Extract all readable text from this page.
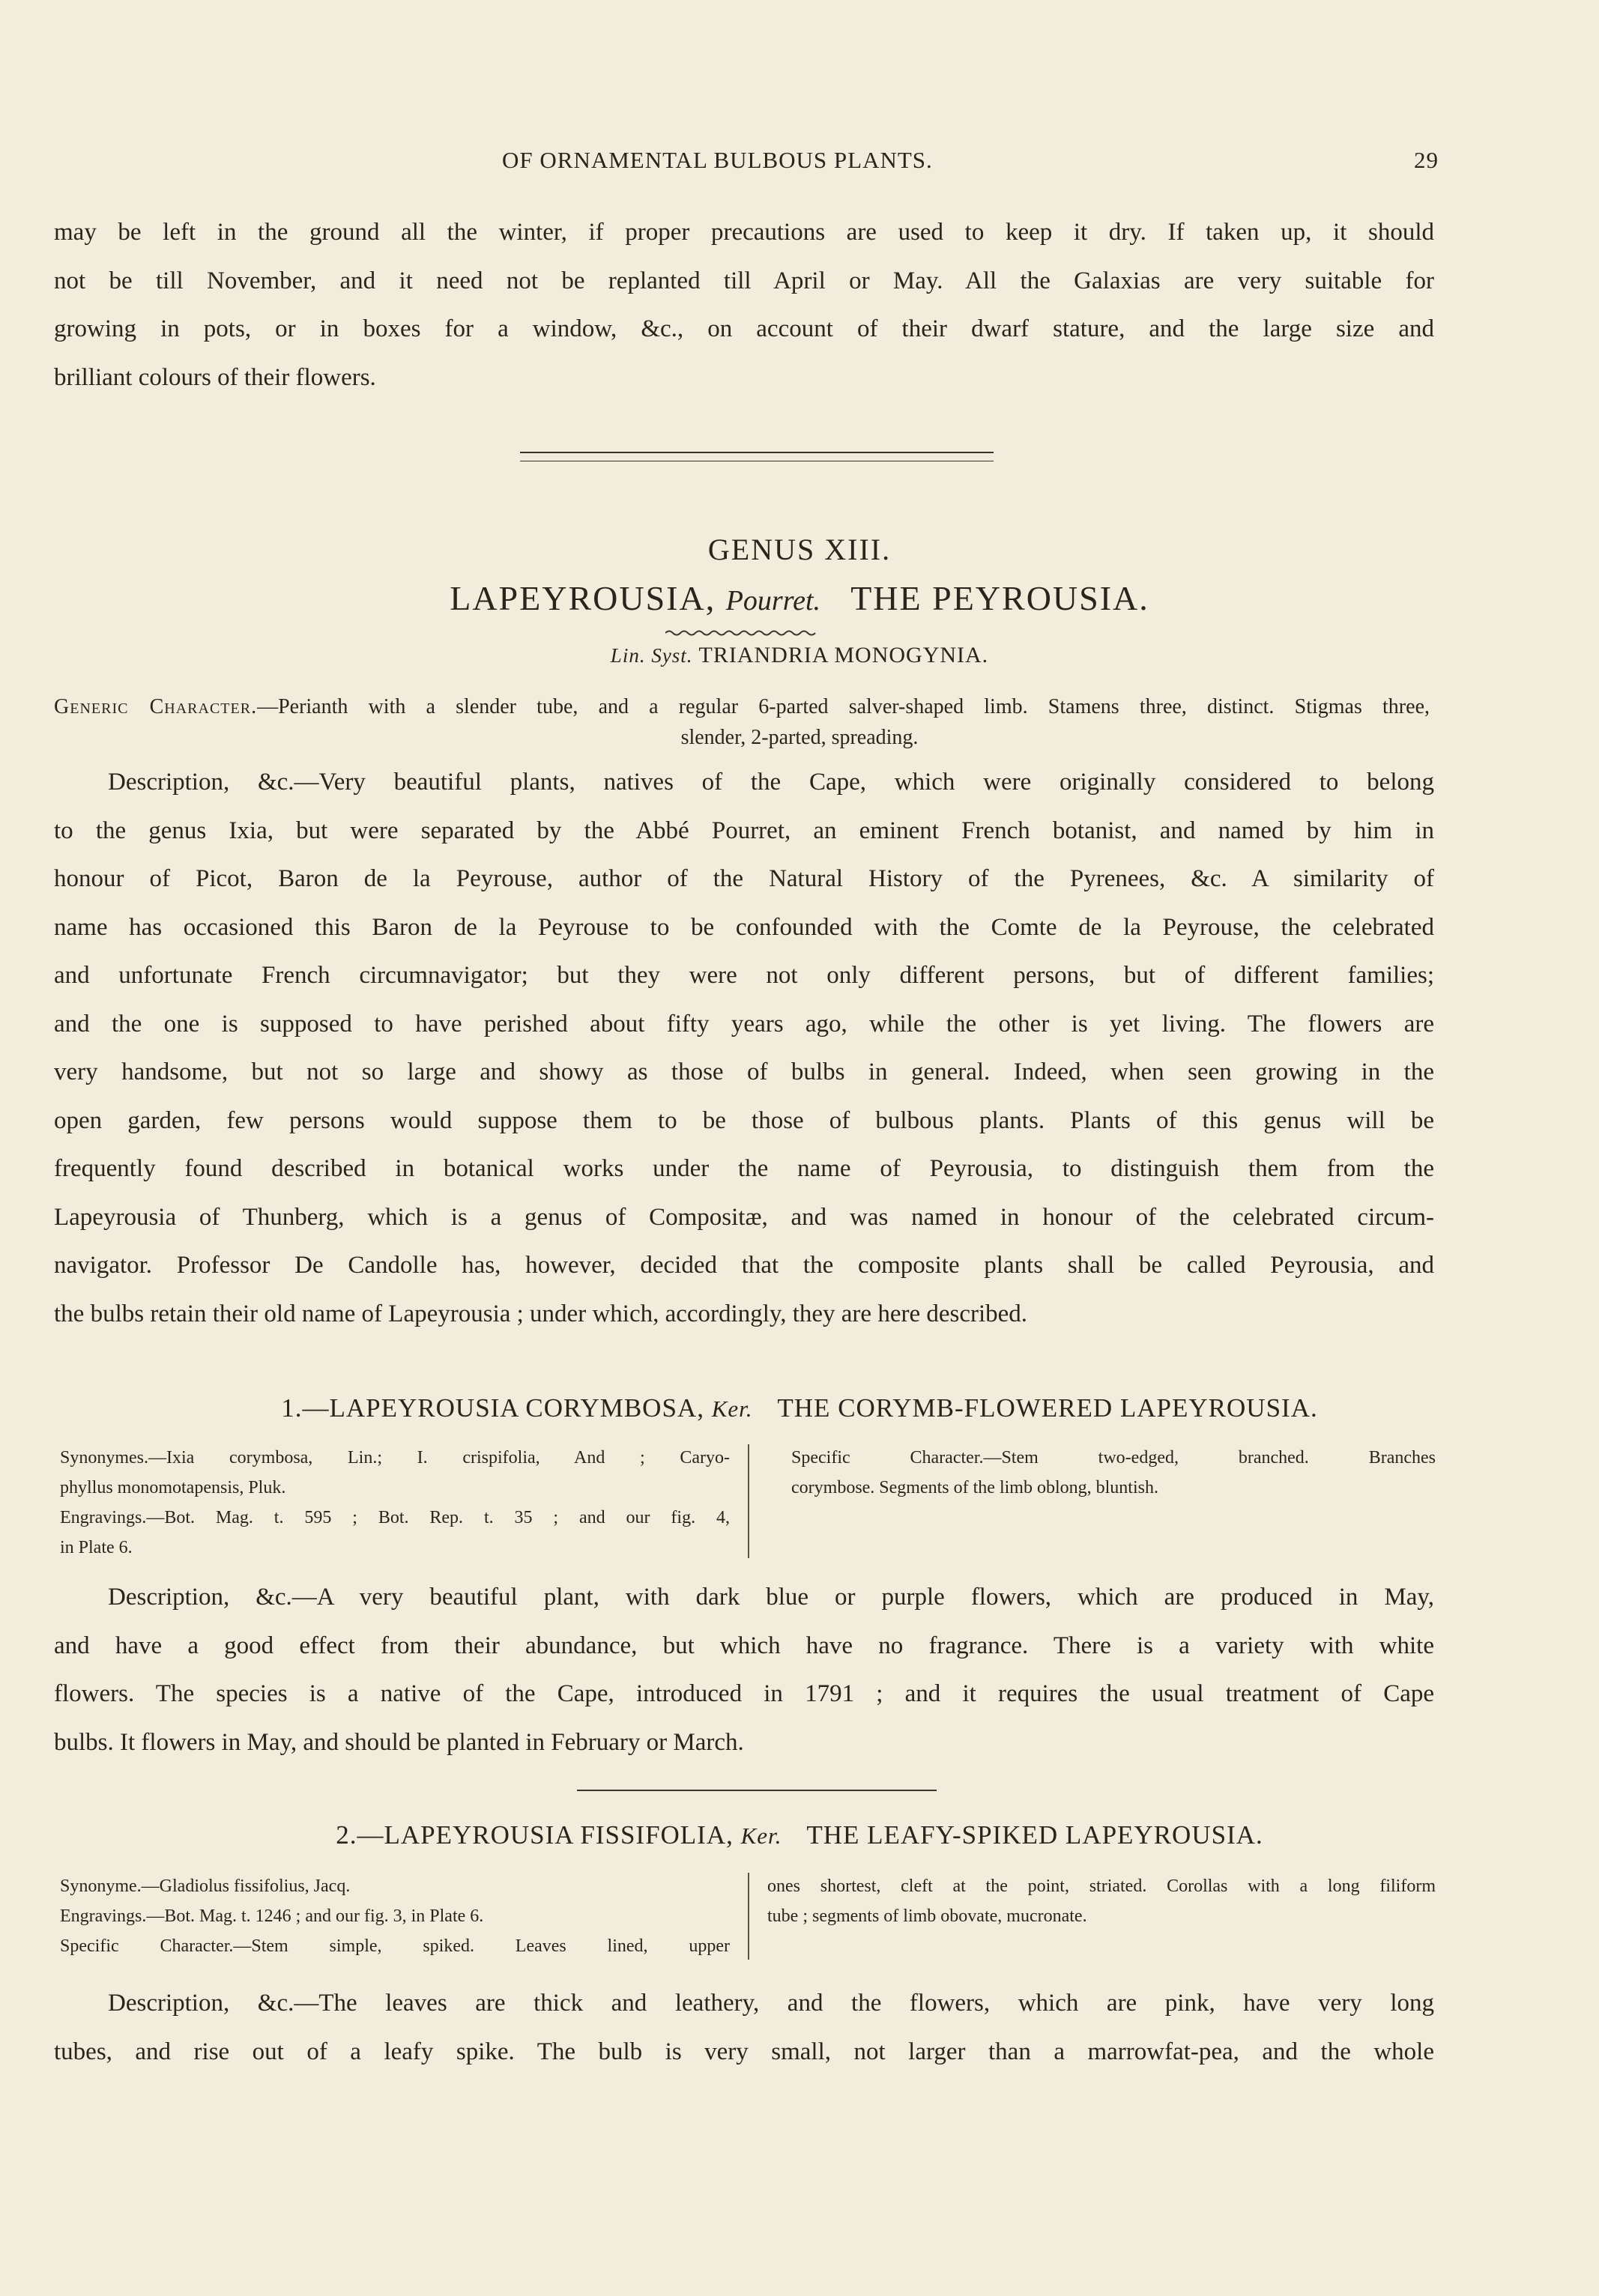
OF ORNAMENTAL BULBOUS PLANTS.	29
may be left in the ground all the winter, if proper precautions are used to keep it dry. If taken up, it should
not be till November, and it need not be replanted till April or May. All the Galaxias are very suitable for
growing in pots, or in boxes for a window, &c., on account of their dwarf stature, and the large size and
brilliant colours of their flowers.
GENUS XIII.
LAPEYROUSIA, Pourret. THE PEYROUSIA.
Lin. Syst. TRIANDRIA MONOGYNIA.
Generic Character.—Perianth with a slender tube, and a regular 6-parted salver-shaped limb. Stamens three, distinct. Stigmas three,
slender, 2-parted, spreading.
Description, &c.—Very beautiful plants, natives of the Cape, which were originally considered to belong
to the genus Ixia, but were separated by the Abbé Pourret, an eminent French botanist, and named by him in
honour of Picot, Baron de la Peyrouse, author of the Natural History of the Pyrenees, &c. A similarity of
name has occasioned this Baron de la Peyrouse to be confounded with the Comte de la Peyrouse, the celebrated
and unfortunate French circumnavigator; but they were not only different persons, but of different families;
and the one is supposed to have perished about fifty years ago, while the other is yet living. The flowers are
very handsome, but not so large and showy as those of bulbs in general. Indeed, when seen growing in the
open garden, few persons would suppose them to be those of bulbous plants. Plants of this genus will be
frequently found described in botanical works under the name of Peyrousia, to distinguish them from the
Lapeyrousia of Thunberg, which is a genus of Compositæ, and was named in honour of the celebrated circum-
navigator. Professor De Candolle has, however, decided that the composite plants shall be called Peyrousia, and
the bulbs retain their old name of Lapeyrousia ; under which, accordingly, they are here described.
1.—LAPEYROUSIA CORYMBOSA, Ker. THE CORYMB-FLOWERED LAPEYROUSIA.
Synonymes.—Ixia corymbosa, Lin.; I. crispifolia, And ; Caryo-
phyllus monomotapensis, Pluk.
Engravings.—Bot. Mag. t. 595 ; Bot. Rep. t. 35 ; and our fig. 4,
in Plate 6.
Specific Character.—Stem two-edged, branched. Branches
corymbose. Segments of the limb oblong, bluntish.
Description, &c.—A very beautiful plant, with dark blue or purple flowers, which are produced in May,
and have a good effect from their abundance, but which have no fragrance. There is a variety with white
flowers. The species is a native of the Cape, introduced in 1791 ; and it requires the usual treatment of Cape
bulbs. It flowers in May, and should be planted in February or March.
2.—LAPEYROUSIA FISSIFOLIA, Ker. THE LEAFY-SPIKED LAPEYROUSIA.
Synonyme.—Gladiolus fissifolius, Jacq.
Engravings.—Bot. Mag. t. 1246 ; and our fig. 3, in Plate 6.
Specific Character.—Stem simple, spiked. Leaves lined, upper
ones shortest, cleft at the point, striated. Corollas with a long filiform
tube ; segments of limb obovate, mucronate.
Description, &c.—The leaves are thick and leathery, and the flowers, which are pink, have very long
tubes, and rise out of a leafy spike. The bulb is very small, not larger than a marrowfat-pea, and the whole
